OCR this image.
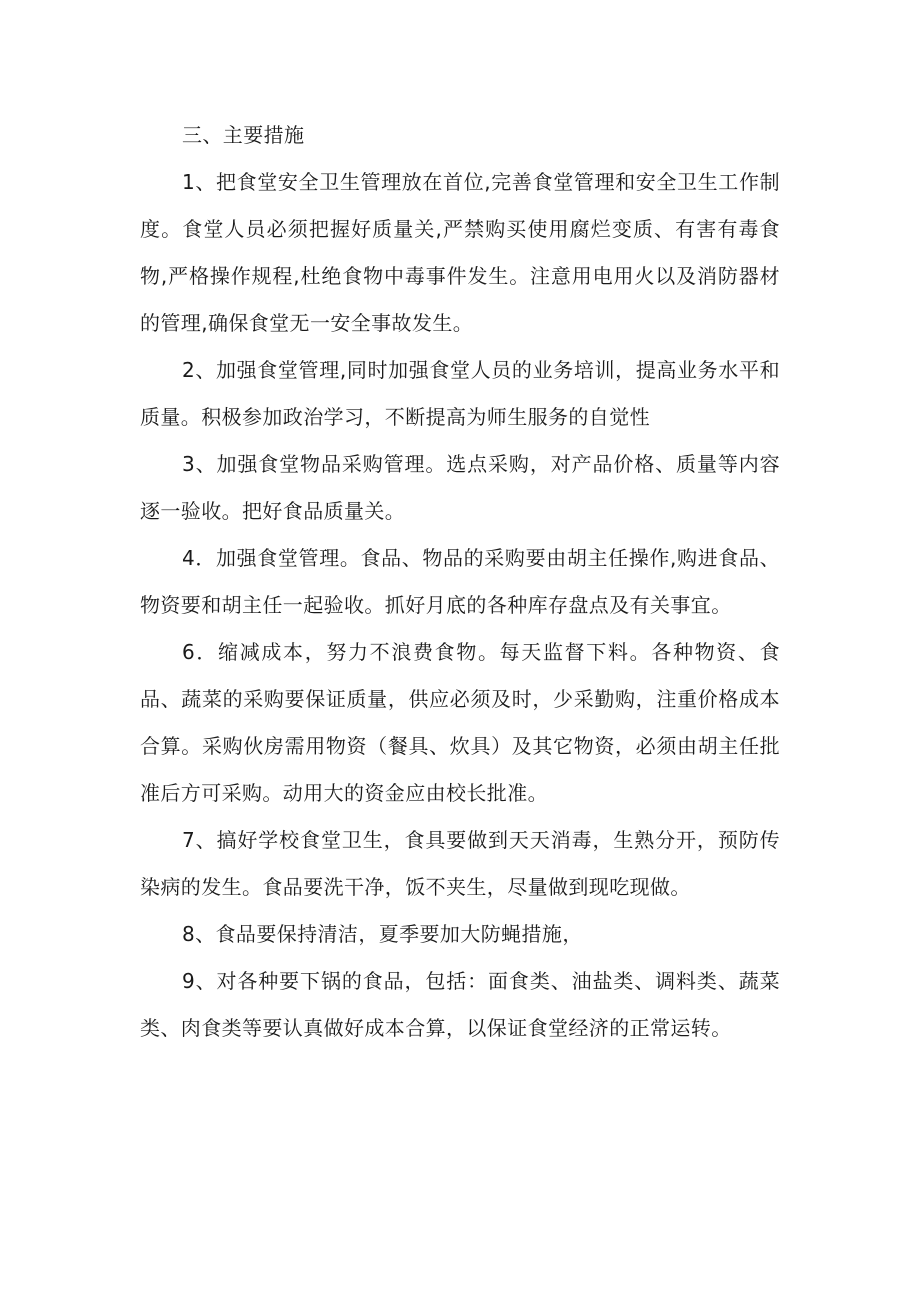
三、主要措施

1、把食堂安全卫生管理放在首位,完善食堂管理和安全卫生工作制度。食堂人员必须把握好质量关,严禁购买使用腐烂变质、有害有毒食物,严格操作规程,杜绝食物中毒事件发生。注意用电用火以及消防器材的管理,确保食堂无一安全事故发生。

2、加强食堂管理,同时加强食堂人员的业务培训，提高业务水平和质量。积极参加政治学习，不断提高为师生服务的自觉性

3、加强食堂物品采购管理。选点采购，对产品价格、质量等内容逐一验收。把好食品质量关。

4．加强食堂管理。食品、物品的采购要由胡主任操作,购进食品、物资要和胡主任一起验收。抓好月底的各种库存盘点及有关事宜。

6．缩减成本，努力不浪费食物。每天监督下料。各种物资、食品、蔬菜的采购要保证质量，供应必须及时，少采勤购，注重价格成本合算。采购伙房需用物资（餐具、炊具）及其它物资，必须由胡主任批准后方可采购。动用大的资金应由校长批准。

7、搞好学校食堂卫生，食具要做到天天消毒，生熟分开，预防传染病的发生。食品要洗干净，饭不夹生，尽量做到现吃现做。

8、食品要保持清洁，夏季要加大防蝇措施，

9、对各种要下锅的食品，包括：面食类、油盐类、调料类、蔬菜类、肉食类等要认真做好成本合算，以保证食堂经济的正常运转。
